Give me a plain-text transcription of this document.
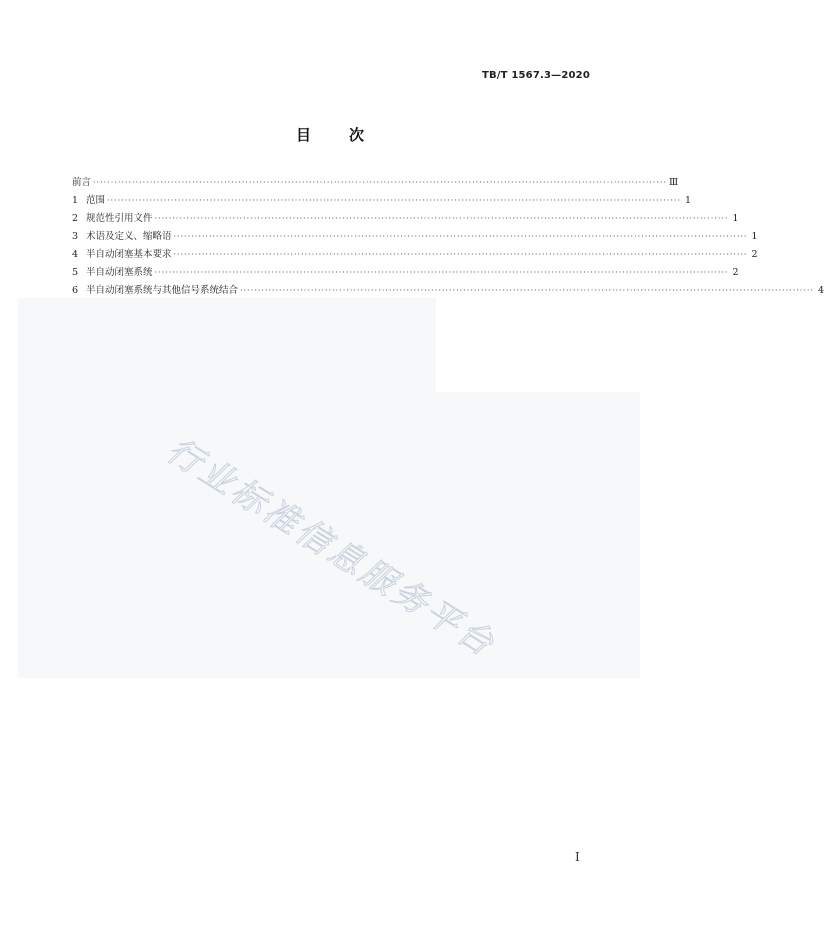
TB/T 1567.3—2020
目 次
前言 ·································································································································································· Ⅲ
1 范围 ·································································································································································· 1
2 规范性引用文件 ·································································································································································· 1
3 术语及定义、缩略语 ·································································································································································· 1
4 半自动闭塞基本要求 ·································································································································································· 2
5 半自动闭塞系统 ·································································································································································· 2
6 半自动闭塞系统与其他信号系统结合 ·································································································································································· 4
行业标准信息服务平台
Ⅰ
